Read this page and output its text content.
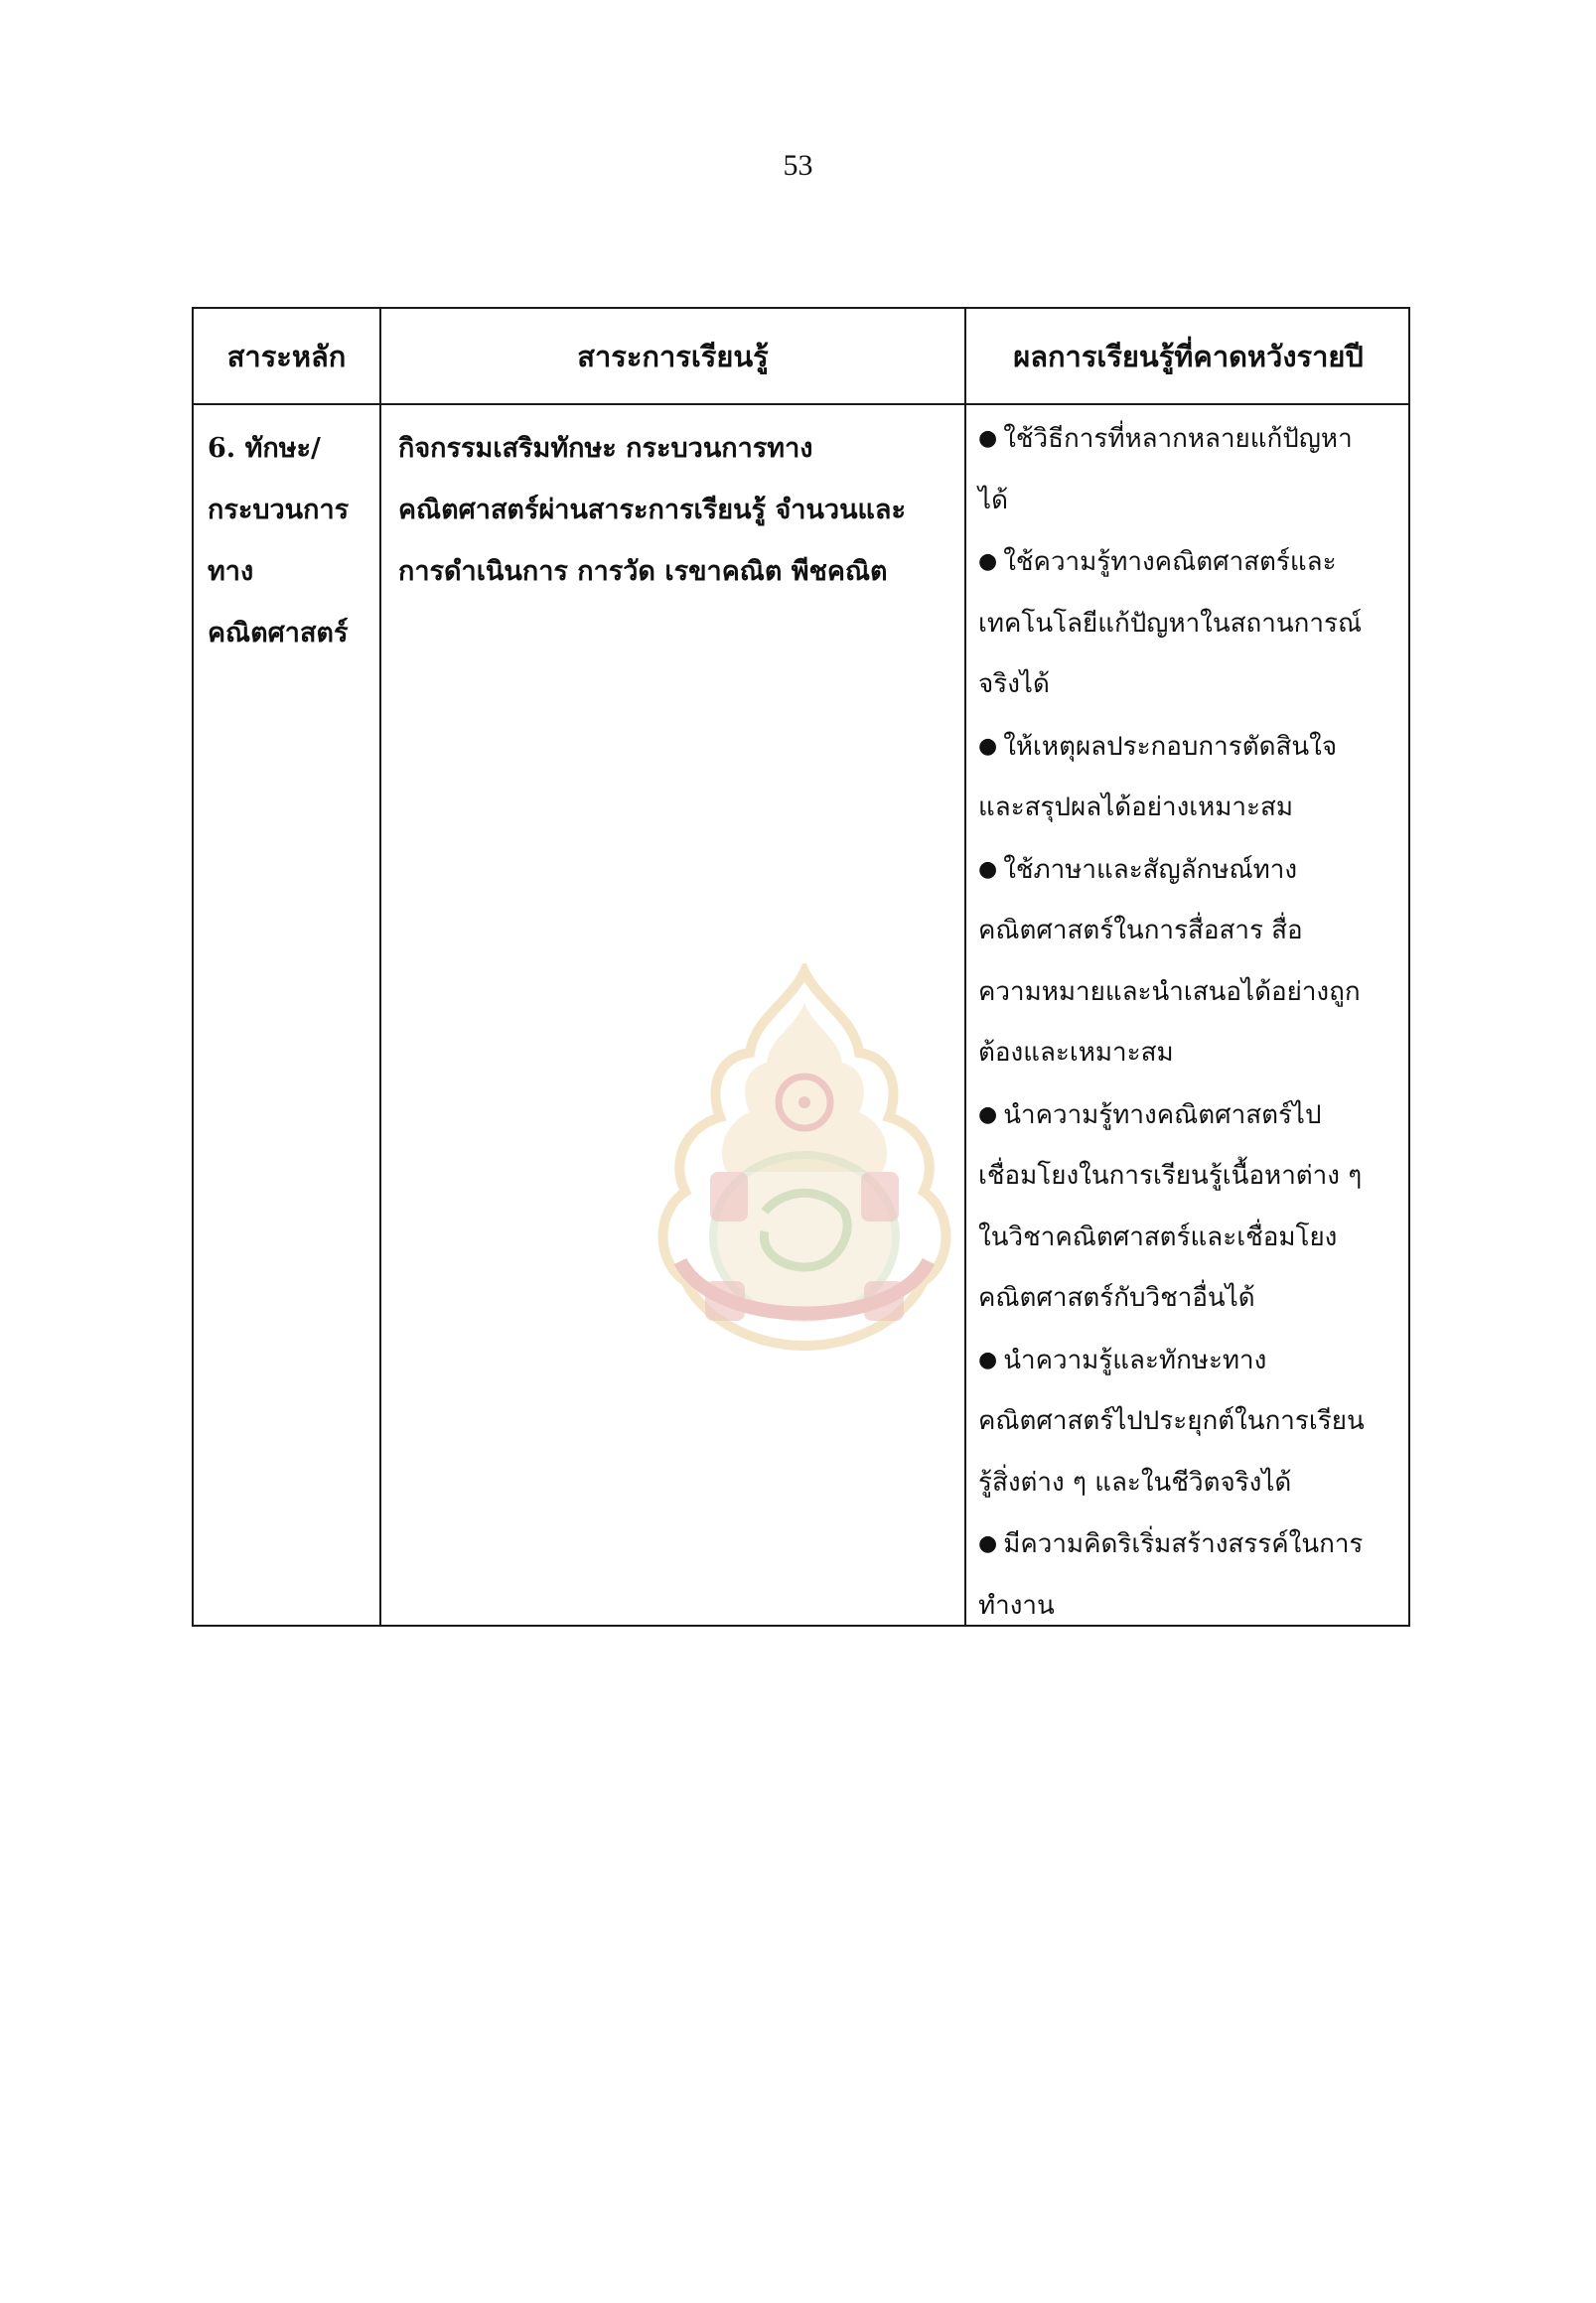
53
สาระหลัก	สาระการเรียนรู้	ผลการเรียนรู้ที่คาดหวังรายปี
6. ทักษะ/
กระบวนการ
ทาง
คณิตศาสตร์
กิจกรรมเสริมทักษะ กระบวนการทาง
คณิตศาสตร์ผ่านสาระการเรียนรู้ จำนวนและ
การดำเนินการ การวัด เรขาคณิต พีชคณิต
● ใช้วิธีการที่หลากหลายแก้ปัญหา
ได้
● ใช้ความรู้ทางคณิตศาสตร์และ
เทคโนโลยีแก้ปัญหาในสถานการณ์
จริงได้
● ให้เหตุผลประกอบการตัดสินใจ
และสรุปผลได้อย่างเหมาะสม
● ใช้ภาษาและสัญลักษณ์ทาง
คณิตศาสตร์ในการสื่อสาร สื่อ
ความหมายและนำเสนอได้อย่างถูก
ต้องและเหมาะสม
● นำความรู้ทางคณิตศาสตร์ไป
เชื่อมโยงในการเรียนรู้เนื้อหาต่าง ๆ
ในวิชาคณิตศาสตร์และเชื่อมโยง
คณิตศาสตร์กับวิชาอื่นได้
● นำความรู้และทักษะทาง
คณิตศาสตร์ไปประยุกต์ในการเรียน
รู้สิ่งต่าง ๆ และในชีวิตจริงได้
● มีความคิดริเริ่มสร้างสรรค์ในการ
ทำงาน
